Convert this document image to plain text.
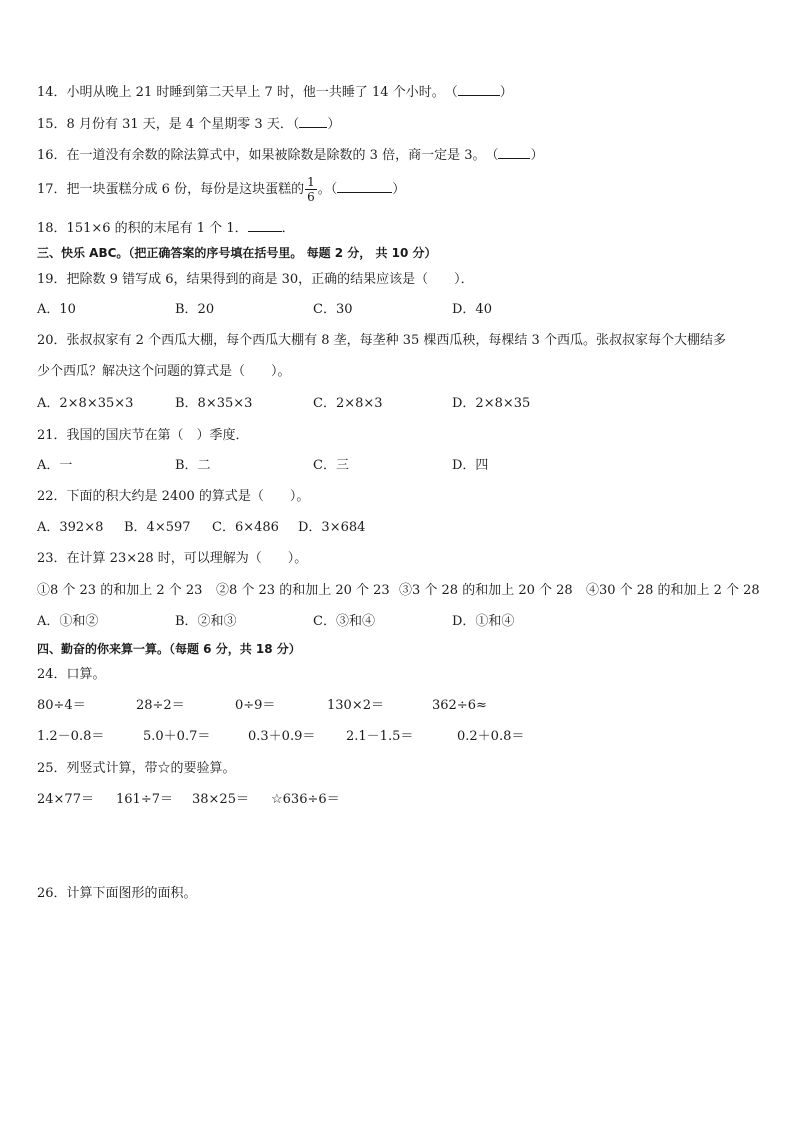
14．小明从晚上 21 时睡到第二天早上 7 时，他一共睡了 14 个小时。　（	）
15．8 月份有 31 天，是 4 个星期零 3 天．（ ）
16．在一道没有余数的除法算式中，如果被除数是除数的 3 倍，商一定是 3。　（ ）
17．把一块蛋糕分成 6 份，每份是这块蛋糕的 $\frac{1}{6}$ 。（	）
18．151×6 的积的末尾有 1 个 1．	．
三、快乐 ABC。（把正确答案的序号填在括号里。 每题 2 分， 共 10 分）
19．把除数 9 错写成 6，结果得到的商是 30，正确的结果应该是（　　）．
A．10	B．20	C．30	D．40
20．张叔叔家有 2 个西瓜大棚，每个西瓜大棚有 8 垄，每垄种 35 棵西瓜秧，每棵结 3 个西瓜。张叔叔家每个大棚结多
少个西瓜？解决这个问题的算式是（　　）。
A．2×8×35×3	B．8×35×3	C．2×8×3	D．2×8×35
21．我国的国庆节在第（　）季度．
A．一	B．二	C．三	D．四
22．下面的积大约是 2400 的算式是（　　）。
A．392×8 B．4×597 C．6×486 D．3×684
23．在计算 23×28 时，可以理解为（　　）。
①8 个 23 的和加上 2 个 23 ②8 个 23 的和加上 20 个 23 ③3 个 28 的和加上 20 个 28 ④30 个 28 的和加上 2 个 28
A．①和②	B．②和③	C．③和④	D．①和④
四、勤奋的你来算一算。（每题 6 分，共 18 分）
24．口算。
80÷4＝	28÷2＝	0÷9＝	130×2＝	362÷6≈
1.2－0.8＝	5.0＋0.7＝	0.3＋0.9＝ 2.1－1.5＝	0.2＋0.8＝
25．列竖式计算，带☆的要验算。
24×77＝ 161÷7＝ 38×25＝ ☆636÷6＝
26．计算下面图形的面积。
